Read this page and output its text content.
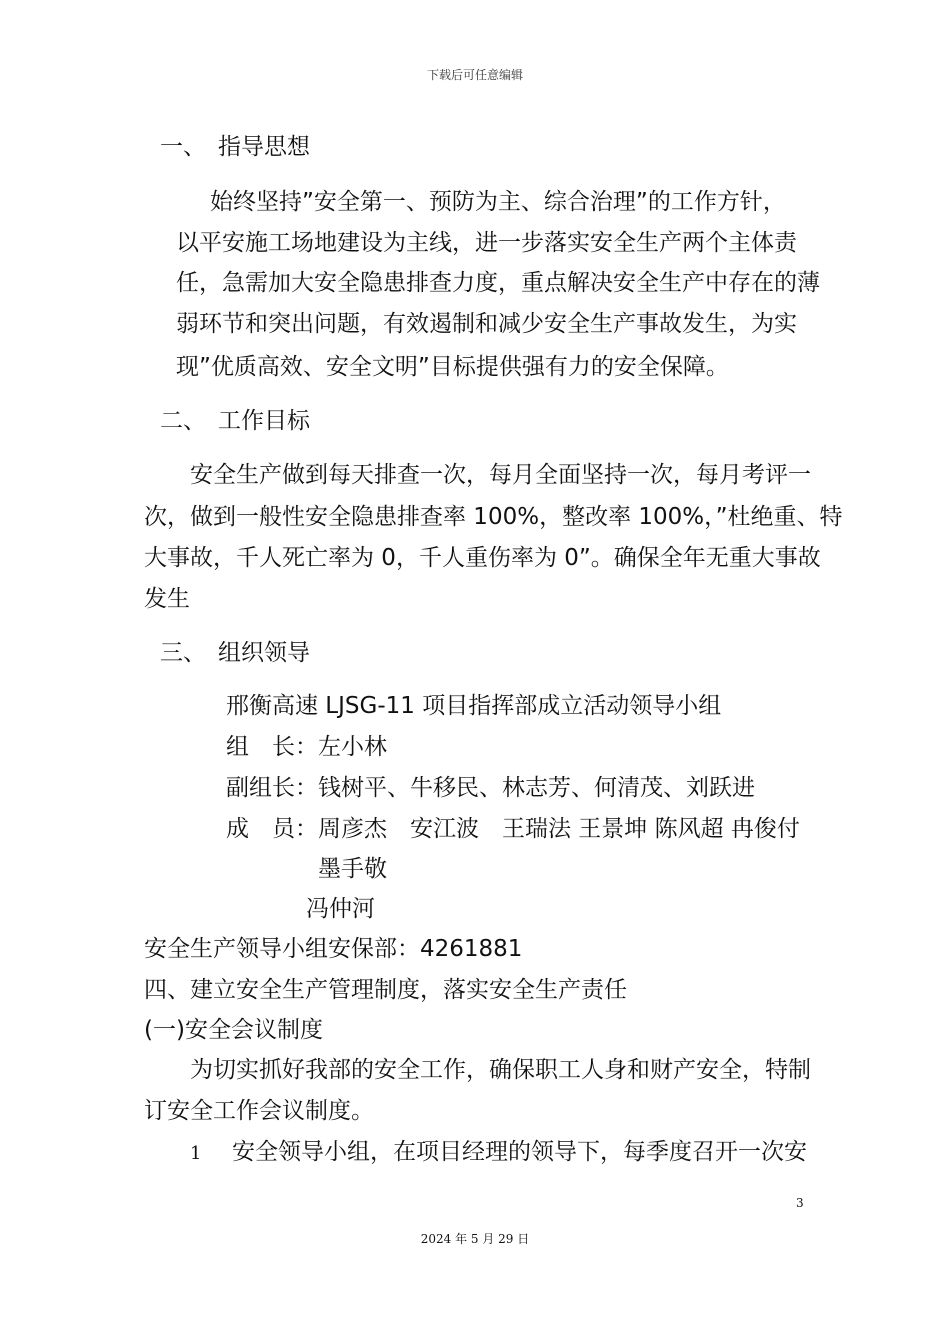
下载后可任意编辑
一、 指导思想
始终坚持”安全第一、预防为主、综合治理”的工作方针，
以平安施工场地建设为主线，进一步落实安全生产两个主体责
任，急需加大安全隐患排查力度，重点解决安全生产中存在的薄
弱环节和突出问题，有效遏制和减少安全生产事故发生，为实
现”优质高效、安全文明”目标提供强有力的安全保障。
二、 工作目标
安全生产做到每天排查一次，每月全面坚持一次，每月考评一
次，做到一般性安全隐患排查率 100%，整改率 100%，”杜绝重、特
大事故，千人死亡率为 0，千人重伤率为 0”。确保全年无重大事故
发生
三、 组织领导
邢衡高速 LJSG-11 项目指挥部成立活动领导小组
组　长：左小林
副组长：钱树平、牛移民、林志芳、何清茂、刘跃进
成　员：周彦杰　安江波　王瑞法 王景坤 陈风超 冉俊付
墨手敬
冯仲河
安全生产领导小组安保部：4261881
四、建立安全生产管理制度，落实安全生产责任
(一)安全会议制度
为切实抓好我部的安全工作，确保职工人身和财产安全，特制
订安全工作会议制度。
1 安全领导小组，在项目经理的领导下，每季度召开一次安
3
2024 年 5 月 29 日
